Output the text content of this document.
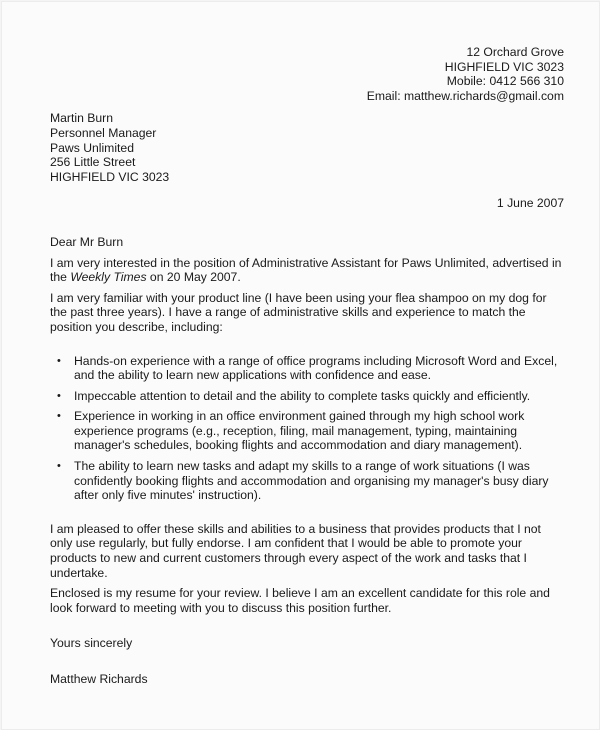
12 Orchard Grove
HIGHFIELD VIC 3023
Mobile: 0412 566 310
Email: matthew.richards@gmail.com
Martin Burn
Personnel Manager
Paws Unlimited
256 Little Street
HIGHFIELD VIC 3023
1 June 2007

Dear Mr Burn

I am very interested in the position of Administrative Assistant for Paws Unlimited, advertised in the Weekly Times on 20 May 2007.

I am very familiar with your product line (I have been using your flea shampoo on my dog for the past three years). I have a range of administrative skills and experience to match the position you describe, including:

• Hands-on experience with a range of office programs including Microsoft Word and Excel, and the ability to learn new applications with confidence and ease.
• Impeccable attention to detail and the ability to complete tasks quickly and efficiently.
• Experience in working in an office environment gained through my high school work experience programs (e.g., reception, filing, mail management, typing, maintaining manager's schedules, booking flights and accommodation and diary management).
• The ability to learn new tasks and adapt my skills to a range of work situations (I was confidently booking flights and accommodation and organising my manager's busy diary after only five minutes' instruction).

I am pleased to offer these skills and abilities to a business that provides products that I not only use regularly, but fully endorse. I am confident that I would be able to promote your products to new and current customers through every aspect of the work and tasks that I undertake.

Enclosed is my resume for your review. I believe I am an excellent candidate for this role and look forward to meeting with you to discuss this position further.

Yours sincerely

Matthew Richards
